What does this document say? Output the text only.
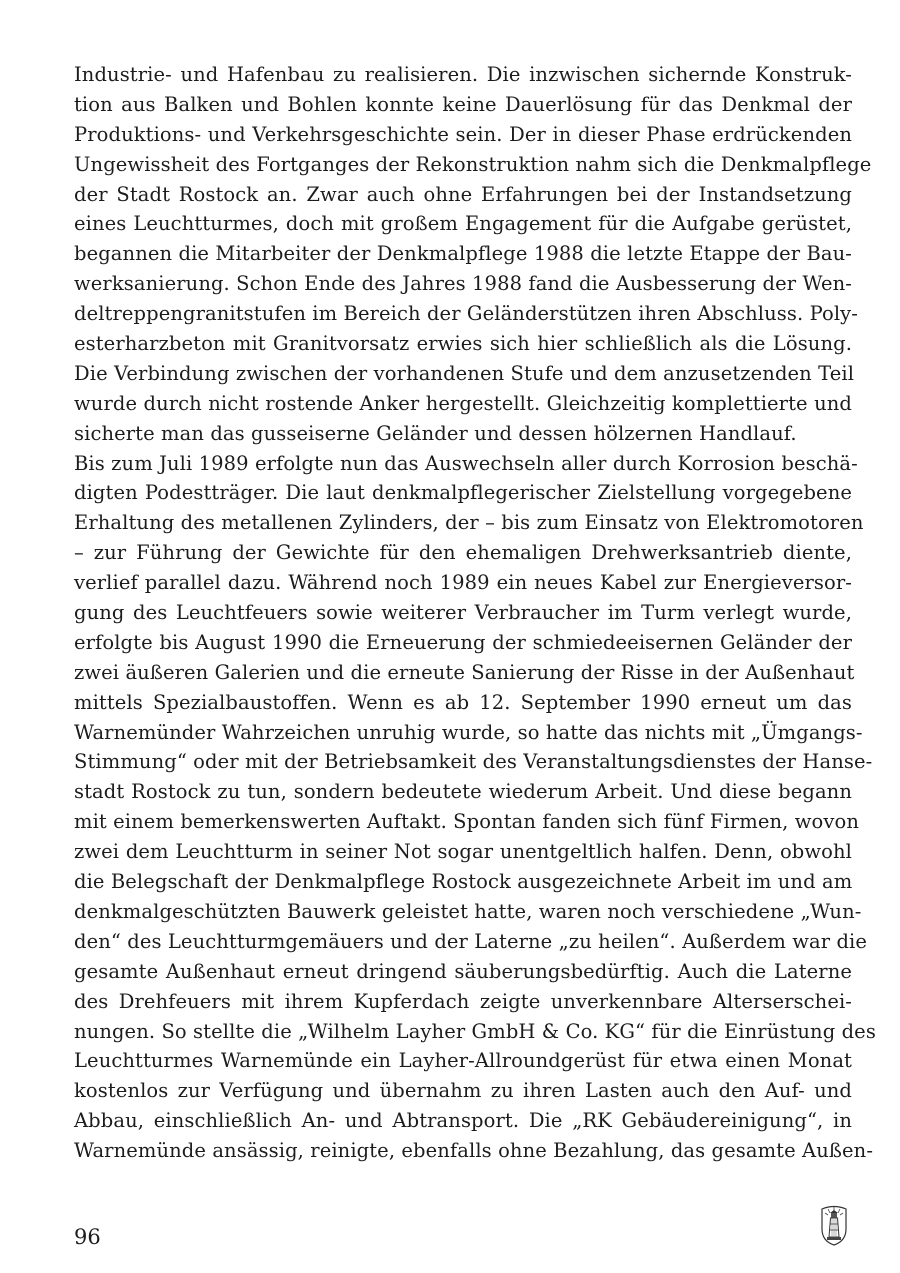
Industrie- und Hafenbau zu realisieren. Die inzwischen sichernde Konstruk-
tion aus Balken und Bohlen konnte keine Dauerlösung für das Denkmal der
Produktions- und Verkehrsgeschichte sein. Der in dieser Phase erdrückenden
Ungewissheit des Fortganges der Rekonstruktion nahm sich die Denkmalpflege
der Stadt Rostock an. Zwar auch ohne Erfahrungen bei der Instandsetzung
eines Leuchtturmes, doch mit großem Engagement für die Aufgabe gerüstet,
begannen die Mitarbeiter der Denkmalpflege 1988 die letzte Etappe der Bau-
werksanierung. Schon Ende des Jahres 1988 fand die Ausbesserung der Wen-
deltreppengranitstufen im Bereich der Geländerstützen ihren Abschluss. Poly-
esterharzbeton mit Granitvorsatz erwies sich hier schließlich als die Lösung.
Die Verbindung zwischen der vorhandenen Stufe und dem anzusetzenden Teil
wurde durch nicht rostende Anker hergestellt. Gleichzeitig komplettierte und
sicherte man das gusseiserne Geländer und dessen hölzernen Handlauf.
Bis zum Juli 1989 erfolgte nun das Auswechseln aller durch Korrosion beschä-
digten Podestträger. Die laut denkmalpflegerischer Zielstellung vorgegebene
Erhaltung des metallenen Zylinders, der – bis zum Einsatz von Elektromotoren
– zur Führung der Gewichte für den ehemaligen Drehwerksantrieb diente,
verlief parallel dazu. Während noch 1989 ein neues Kabel zur Energieversor-
gung des Leuchtfeuers sowie weiterer Verbraucher im Turm verlegt wurde,
erfolgte bis August 1990 die Erneuerung der schmiedeeisernen Geländer der
zwei äußeren Galerien und die erneute Sanierung der Risse in der Außenhaut
mittels Spezialbaustoffen. Wenn es ab 12. September 1990 erneut um das
Warnemünder Wahrzeichen unruhig wurde, so hatte das nichts mit „Ümgangs-
Stimmung“ oder mit der Betriebsamkeit des Veranstaltungsdienstes der Hanse-
stadt Rostock zu tun, sondern bedeutete wiederum Arbeit. Und diese begann
mit einem bemerkenswerten Auftakt. Spontan fanden sich fünf Firmen, wovon
zwei dem Leuchtturm in seiner Not sogar unentgeltlich halfen. Denn, obwohl
die Belegschaft der Denkmalpflege Rostock ausgezeichnete Arbeit im und am
denkmalgeschützten Bauwerk geleistet hatte, waren noch verschiedene „Wun-
den“ des Leuchtturmgemäuers und der Laterne „zu heilen“. Außerdem war die
gesamte Außenhaut erneut dringend säuberungsbedürftig. Auch die Laterne
des Drehfeuers mit ihrem Kupferdach zeigte unverkennbare Alterserschei-
nungen. So stellte die „Wilhelm Layher GmbH & Co. KG“ für die Einrüstung des
Leuchtturmes Warnemünde ein Layher-Allroundgerüst für etwa einen Monat
kostenlos zur Verfügung und übernahm zu ihren Lasten auch den Auf- und
Abbau, einschließlich An- und Abtransport. Die „RK Gebäudereinigung“, in
Warnemünde ansässig, reinigte, ebenfalls ohne Bezahlung, das gesamte Außen-
96
